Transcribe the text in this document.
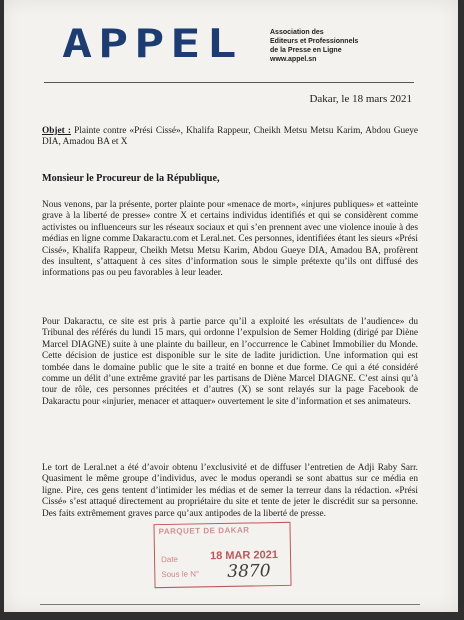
APPEL	Association des
Editeurs et Professionnels
de la Presse en Ligne
www.appel.sn
Dakar, le 18 mars 2021
Objet : Plainte contre «Prési Cissé», Khalifa Rappeur, Cheikh Metsu Metsu Karim, Abdou Gueye DIA, Amadou BA et X
Monsieur le Procureur de la République,
Nous venons, par la présente, porter plainte pour «menace de mort», «injures publiques» et «atteinte grave à la liberté de presse» contre X et certains individus identifiés et qui se considèrent comme activistes ou influenceurs sur les réseaux sociaux et qui s’en prennent avec une violence inouïe à des médias en ligne comme Dakaractu.com et Leral.net. Ces personnes, identifiées étant les sieurs «Prési Cissé», Khalifa Rappeur, Cheikh Metsu Metsu Karim, Abdou Gueye DIA, Amadou BA, profèrent des insultent, s’attaquent à ces sites d’information sous le simple prétexte qu’ils ont diffusé des informations pas ou peu favorables à leur leader.
Pour Dakaractu, ce site est pris à partie parce qu’il a exploité les «résultats de l’audience» du Tribunal des référés du lundi 15 mars, qui ordonne l’expulsion de Semer Holding (dirigé par Diène Marcel DIAGNE) suite à une plainte du bailleur, en l’occurrence le Cabinet Immobilier du Monde. Cette décision de justice est disponible sur le site de ladite juridiction. Une information qui est tombée dans le domaine public que le site a traité en bonne et due forme. Ce qui a été considéré comme un délit d’une extrême gravité par les partisans de Diène Marcel DIAGNE. C’est ainsi qu’à tour de rôle, ces personnes précitées et d’autres (X) se sont relayés sur la page Facebook de Dakaractu pour «injurier, menacer et attaquer» ouvertement le site d’information et ses animateurs.
Le tort de Leral.net a été d’avoir obtenu l’exclusivité et de diffuser l’entretien de Adji Raby Sarr. Quasiment le même groupe d’individus, avec le modus operandi se sont abattus sur ce média en ligne. Pire, ces gens tentent d’intimider les médias et de semer la terreur dans la rédaction. «Prési Cissé» s’est attaqué directement au propriétaire du site et tente de jeter le discrédit sur sa personne. Des faits extrêmement graves parce qu’aux antipodes de la liberté de presse.
PARQUET DE DAKAR
Date	18 MAR 2021
Sous le N° 3870
